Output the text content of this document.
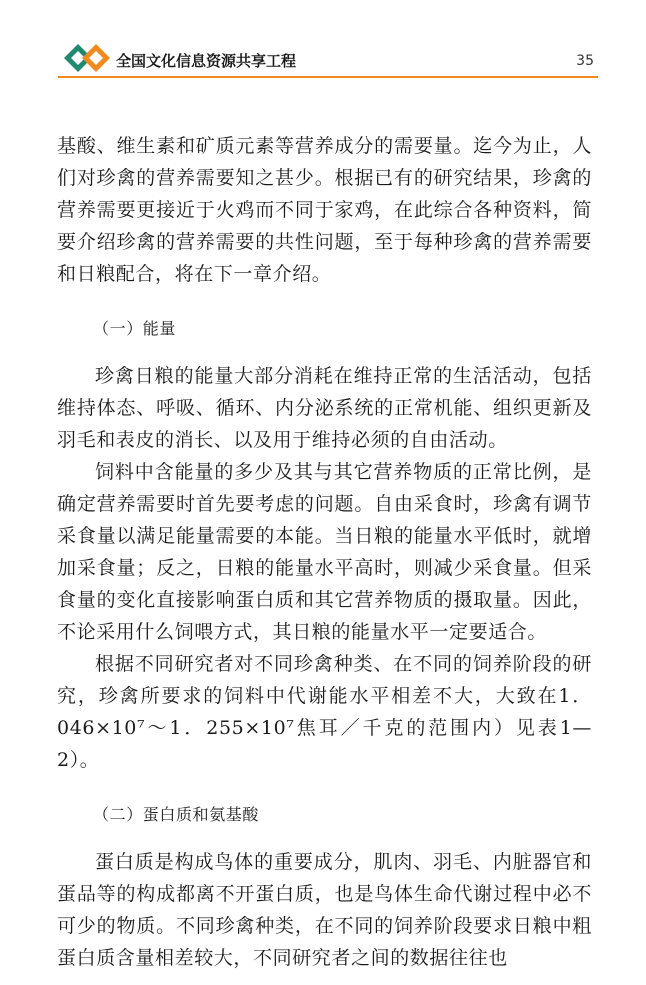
全国文化信息资源共享工程	35

基酸、维生素和矿质元素等营养成分的需要量。迄今为止，人们对珍禽的营养需要知之甚少。根据已有的研究结果，珍禽的营养需要更接近于火鸡而不同于家鸡，在此综合各种资料，简要介绍珍禽的营养需要的共性问题，至于每种珍禽的营养需要和日粮配合，将在下一章介绍。

（一）能量

珍禽日粮的能量大部分消耗在维持正常的生活活动，包括维持体态、呼吸、循环、内分泌系统的正常机能、组织更新及羽毛和表皮的消长、以及用于维持必须的自由活动。

饲料中含能量的多少及其与其它营养物质的正常比例，是确定营养需要时首先要考虑的问题。自由采食时，珍禽有调节采食量以满足能量需要的本能。当日粮的能量水平低时，就增加采食量；反之，日粮的能量水平高时，则减少采食量。但采食量的变化直接影响蛋白质和其它营养物质的摄取量。因此，不论采用什么饲喂方式，其日粮的能量水平一定要适合。

根据不同研究者对不同珍禽种类、在不同的饲养阶段的研究，珍禽所要求的饲料中代谢能水平相差不大，大致在1．046×10⁷～1．255×10⁷焦耳／千克的范围内）见表1—2）。

（二）蛋白质和氨基酸

蛋白质是构成鸟体的重要成分，肌肉、羽毛、内脏器官和蛋品等的构成都离不开蛋白质，也是鸟体生命代谢过程中必不可少的物质。不同珍禽种类，在不同的饲养阶段要求日粮中粗蛋白质含量相差较大，不同研究者之间的数据往往也
